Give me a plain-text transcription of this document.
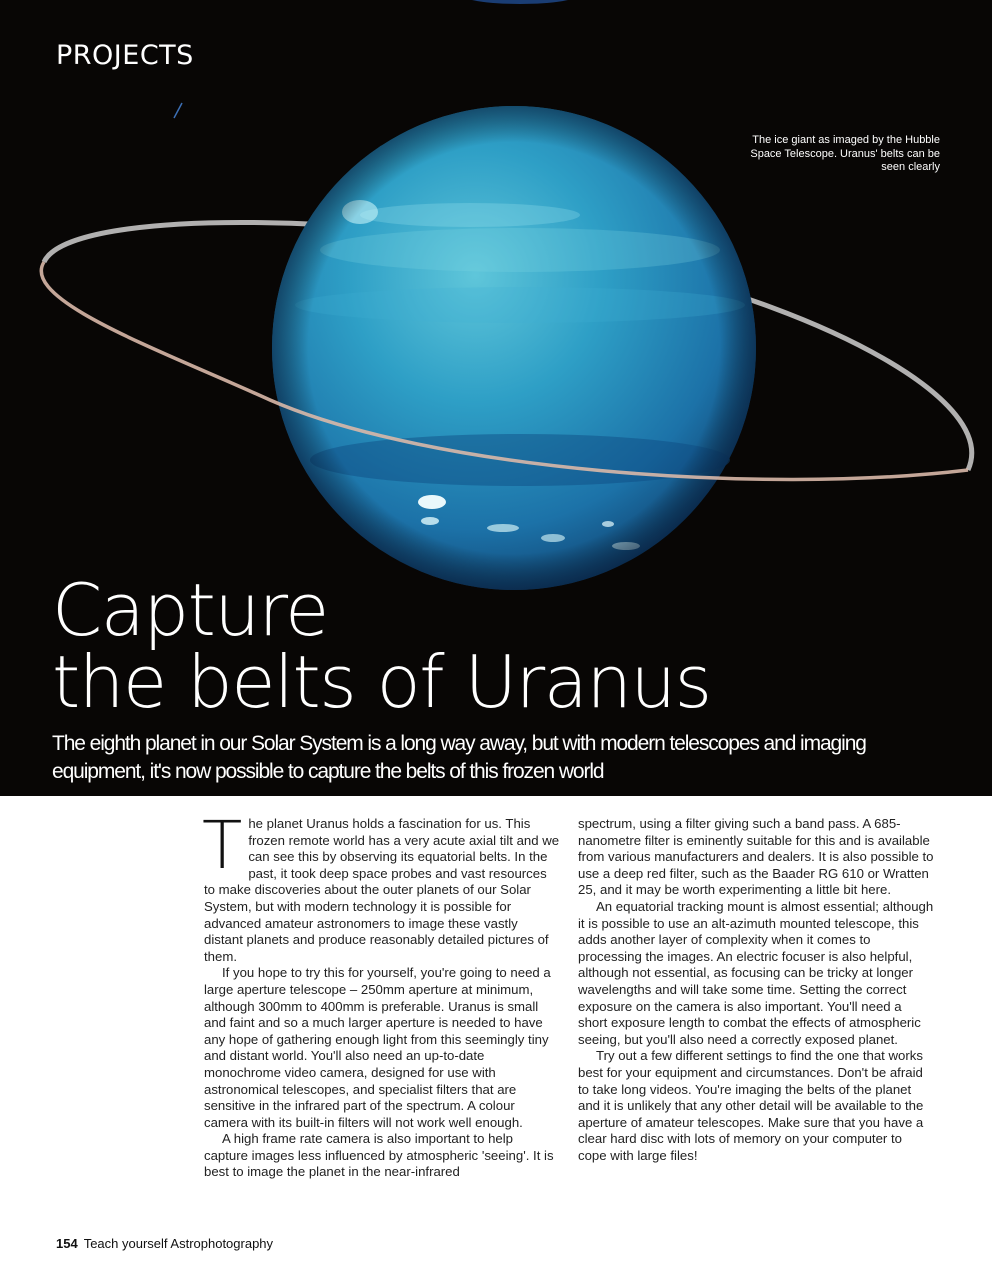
PROJECTS
The ice giant as imaged by the Hubble Space Telescope. Uranus' belts can be seen clearly
Capture
the belts of Uranus

The eighth planet in our Solar System is a long way away, but with modern telescopes and imaging equipment, it's now possible to capture the belts of this frozen world

The planet Uranus holds a fascination for us. This frozen remote world has a very acute axial tilt and we can see this by observing its equatorial belts. In the past, it took deep space probes and vast resources to make discoveries about the outer planets of our Solar System, but with modern technology it is possible for advanced amateur astronomers to image these vastly distant planets and produce reasonably detailed pictures of them.

If you hope to try this for yourself, you're going to need a large aperture telescope – 250mm aperture at minimum, although 300mm to 400mm is preferable. Uranus is small and faint and so a much larger aperture is needed to have any hope of gathering enough light from this seemingly tiny and distant world. You'll also need an up-to-date monochrome video camera, designed for use with astronomical telescopes, and specialist filters that are sensitive in the infrared part of the spectrum. A colour camera with its built-in filters will not work well enough.

A high frame rate camera is also important to help capture images less influenced by atmospheric 'seeing'. It is best to image the planet in the near-infrared

spectrum, using a filter giving such a band pass. A 685-nanometre filter is eminently suitable for this and is available from various manufacturers and dealers. It is also possible to use a deep red filter, such as the Baader RG 610 or Wratten 25, and it may be worth experimenting a little bit here.

An equatorial tracking mount is almost essential; although it is possible to use an alt-azimuth mounted telescope, this adds another layer of complexity when it comes to processing the images. An electric focuser is also helpful, although not essential, as focusing can be tricky at longer wavelengths and will take some time. Setting the correct exposure on the camera is also important. You'll need a short exposure length to combat the effects of atmospheric seeing, but you'll also need a correctly exposed planet.

Try out a few different settings to find the one that works best for your equipment and circumstances. Don't be afraid to take long videos. You're imaging the belts of the planet and it is unlikely that any other detail will be available to the aperture of amateur telescopes. Make sure that you have a clear hard disc with lots of memory on your computer to cope with large files!

154 Teach yourself Astrophotography
